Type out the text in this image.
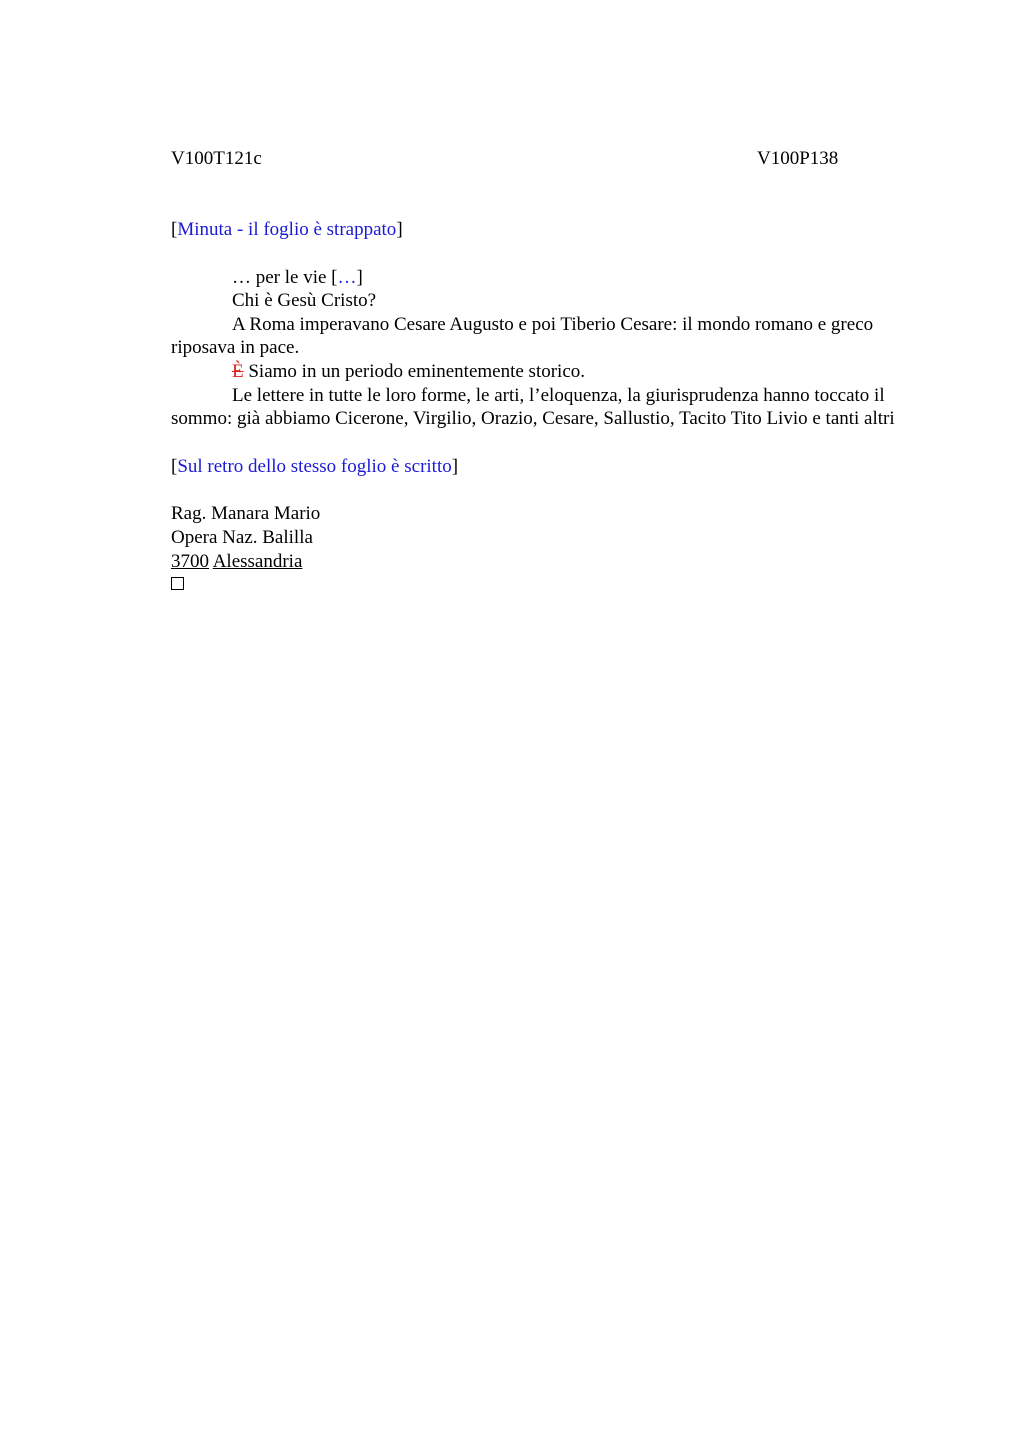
V100T121c	V100P138

[Minuta - il foglio è strappato]

… per le vie […]

Chi è Gesù Cristo?

A Roma imperavano Cesare Augusto e poi Tiberio Cesare: il mondo romano e greco riposava in pace.

È Siamo in un periodo eminentemente storico.

Le lettere in tutte le loro forme, le arti, l’eloquenza, la giurisprudenza hanno toccato il sommo: già abbiamo Cicerone, Virgilio, Orazio, Cesare, Sallustio, Tacito Tito Livio e tanti altri

[Sul retro dello stesso foglio è scritto]

Rag. Manara Mario

Opera Naz. Balilla

3700 Alessandria
